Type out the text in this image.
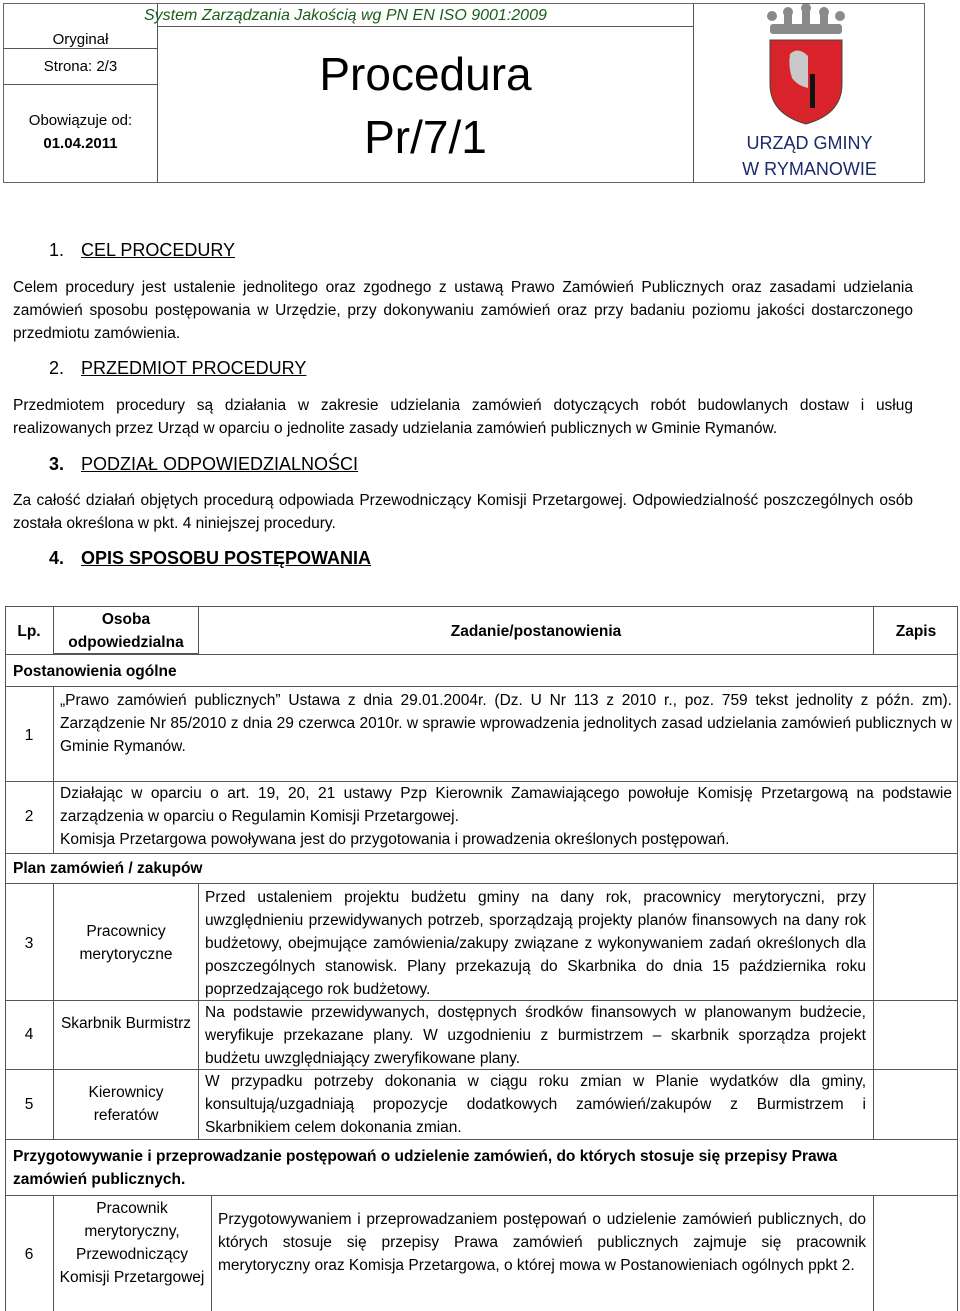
Oryginał
Strona: 2/3
Obowiązuje od:
01.04.2011
System Zarządzania Jakością wg PN EN ISO 9001:2009
Procedura
Pr/7/1	URZĄD GMINY
W RYMANOWIE
1. CEL PROCEDURY
Celem procedury jest ustalenie jednolitego oraz zgodnego z ustawą Prawo Zamówień Publicznych oraz zasadami udzielania zamówień sposobu postępowania w Urzędzie, przy dokonywaniu zamówień oraz przy badaniu poziomu jakości dostarczonego przedmiotu zamówienia.
2. PRZEDMIOT PROCEDURY
Przedmiotem procedury są działania w zakresie udzielania zamówień dotyczących robót budowlanych dostaw i usług realizowanych przez Urząd w oparciu o jednolite zasady udzielania zamówień publicznych w Gminie Rymanów.
3. PODZIAŁ ODPOWIEDZIALNOŚCI
Za całość działań objętych procedurą odpowiada Przewodniczący Komisji Przetargowej. Odpowiedzialność poszczególnych osób została określona w pkt. 4 niniejszej procedury.
4. OPIS SPOSOBU POSTĘPOWANIA
Lp.
Osoba odpowiedzialna
Zadanie/postanowienia	Zapis
Postanowienia ogólne
1
„Prawo zamówień publicznych” Ustawa z dnia 29.01.2004r. (Dz. U Nr 113 z 2010 r., poz. 759 tekst jednolity z późn. zm). Zarządzenie Nr 85/2010 z dnia 29 czerwca 2010r. w sprawie wprowadzenia jednolitych zasad udzielania zamówień publicznych w Gminie Rymanów.
2
Działając w oparciu o art. 19, 20, 21 ustawy Pzp Kierownik Zamawiającego powołuje Komisję Przetargową na podstawie zarządzenia w oparciu o Regulamin Komisji Przetargowej.
Komisja Przetargowa powoływana jest do przygotowania i prowadzenia określonych postępowań.
Plan zamówień / zakupów
3
Pracownicy merytoryczne
Przed ustaleniem projektu budżetu gminy na dany rok, pracownicy merytoryczni, przy uwzględnieniu przewidywanych potrzeb, sporządzają projekty planów finansowych na dany rok budżetowy, obejmujące zamówienia/zakupy związane z wykonywaniem zadań określonych dla poszczególnych stanowisk. Plany przekazują do Skarbnika do dnia 15 października roku poprzedzającego rok budżetowy.
4
Skarbnik Burmistrz
Na podstawie przewidywanych, dostępnych środków finansowych w planowanym budżecie, weryfikuje przekazane plany. W uzgodnieniu z burmistrzem – skarbnik sporządza projekt budżetu uwzględniający zweryfikowane plany.
5
Kierownicy referatów
W przypadku potrzeby dokonania w ciągu roku zmian w Planie wydatków dla gminy, konsultują/uzgadniają propozycje dodatkowych zamówień/zakupów z Burmistrzem i Skarbnikiem celem dokonania zmian.
Przygotowywanie i przeprowadzanie postępowań o udzielenie zamówień, do których stosuje się przepisy Prawa zamówień publicznych.
6
Pracownik merytoryczny, Przewodniczący Komisji Przetargowej
Przygotowywaniem i przeprowadzaniem postępowań o udzielenie zamówień publicznych, do których stosuje się przepisy Prawa zamówień publicznych zajmuje się pracownik merytoryczny oraz Komisja Przetargowa, o której mowa w Postanowieniach ogólnych ppkt 2.
